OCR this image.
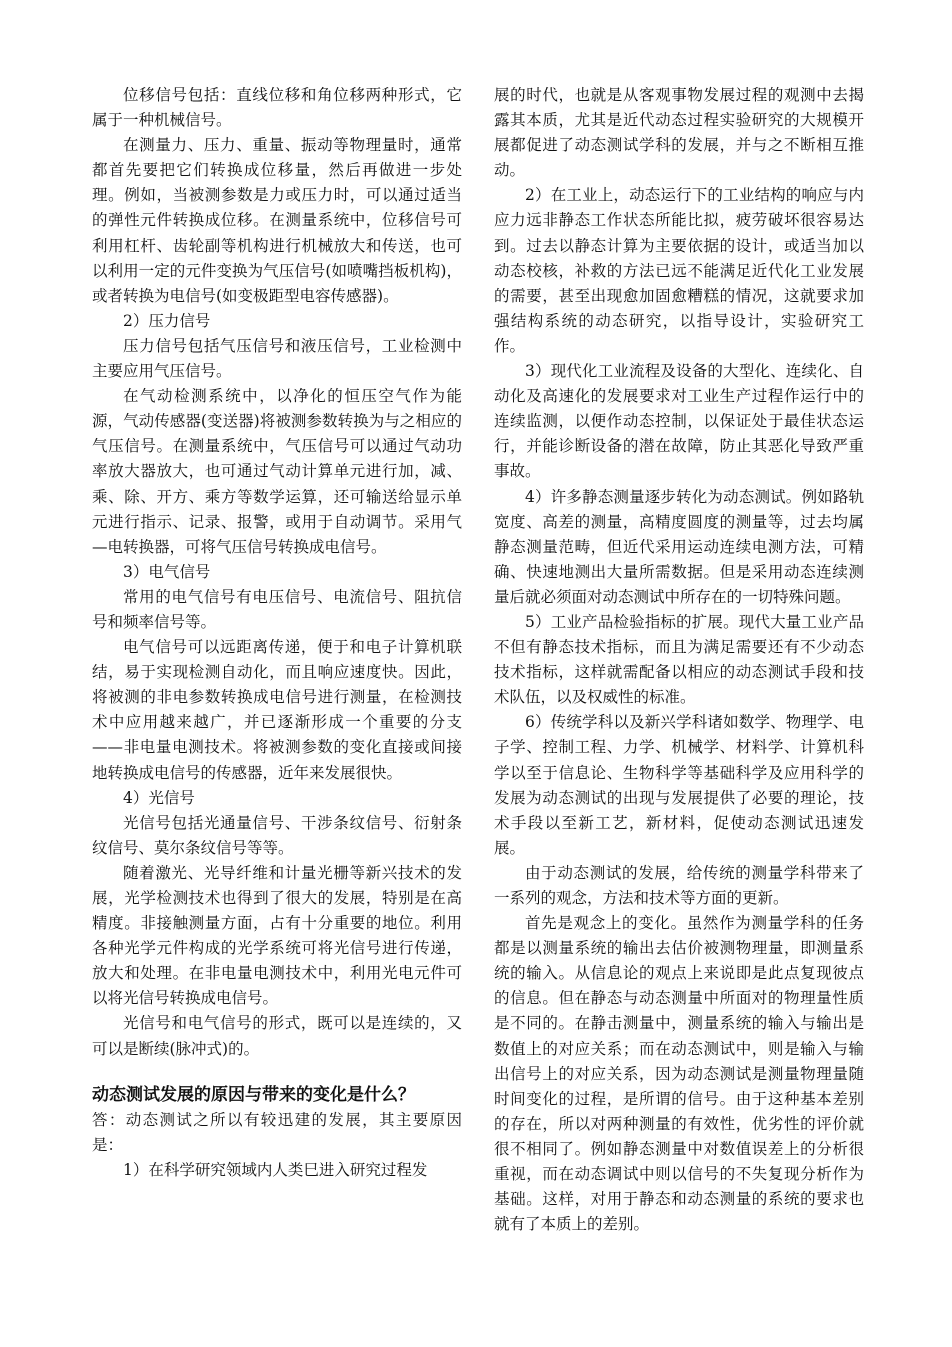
位移信号包括：直线位移和角位移两种形式，它属于一种机械信号。

在测量力、压力、重量、振动等物理量时，通常都首先要把它们转换成位移量，然后再做进一步处理。例如，当被测参数是力或压力时，可以通过适当的弹性元件转换成位移。在测量系统中，位移信号可利用杠杆、齿轮副等机构进行机械放大和传送，也可以利用一定的元件变换为气压信号(如喷嘴挡板机构)，或者转换为电信号(如变极距型电容传感器)。

2）压力信号

压力信号包括气压信号和液压信号，工业检测中主要应用气压信号。

在气动检测系统中，以净化的恒压空气作为能源，气动传感器(变送器)将被测参数转换为与之相应的气压信号。在测量系统中，气压信号可以通过气动功率放大器放大，也可通过气动计算单元进行加，减、乘、除、开方、乘方等数学运算，还可输送给显示单元进行指示、记录、报警，或用于自动调节。采用气—电转换器，可将气压信号转换成电信号。

3）电气信号

常用的电气信号有电压信号、电流信号、阻抗信号和频率信号等。

电气信号可以远距离传递，便于和电子计算机联结，易于实现检测自动化，而且响应速度快。因此，将被测的非电参数转换成电信号进行测量，在检测技术中应用越来越广，并已逐渐形成一个重要的分支——非电量电测技术。将被测参数的变化直接或间接地转换成电信号的传感器，近年来发展很快。

4）光信号

光信号包括光通量信号、干涉条纹信号、衍射条纹信号、莫尔条纹信号等等。

随着激光、光导纤维和计量光栅等新兴技术的发展，光学检测技术也得到了很大的发展，特别是在高精度。非接触测量方面，占有十分重要的地位。利用各种光学元件构成的光学系统可将光信号进行传递，放大和处理。在非电量电测技术中，利用光电元件可以将光信号转换成电信号。

光信号和电气信号的形式，既可以是连续的，又可以是断续(脉冲式)的。

动态测试发展的原因与带来的变化是什么？

答：动态测试之所以有较迅建的发展，其主要原因是：

1）在科学研究领域内人类巳进入研究过程发

展的时代，也就是从客观事物发展过程的观测中去揭露其本质，尤其是近代动态过程实验研究的大规模开展都促进了动态测试学科的发展，并与之不断相互推动。

2）在工业上，动态运行下的工业结构的响应与内应力远非静态工作状态所能比拟，疲劳破坏很容易达到。过去以静态计算为主要依据的设计，或适当加以动态校核，补救的方法已远不能满足近代化工业发展的需要，甚至出现愈加固愈糟糕的情况，这就要求加强结构系统的动态研究，以指导设计，实验研究工作。

3）现代化工业流程及设备的大型化、连续化、自动化及高速化的发展要求对工业生产过程作运行中的连续监测，以便作动态控制，以保证处于最佳状态运行，并能诊断设备的潜在故障，防止其恶化导致严重事故。

4）许多静态测量逐步转化为动态测试。例如路轨宽度、高差的测量，高精度圆度的测量等，过去均属静态测量范畴，但近代采用运动连续电测方法，可精确、快速地测出大量所需数据。但是采用动态连续测量后就必须面对动态测试中所存在的一切特殊问题。

5）工业产品检验指标的扩展。现代大量工业产品不但有静态技术指标，而且为满足需要还有不少动态技术指标，这样就需配备以相应的动态测试手段和技术队伍，以及权威性的标准。

6）传统学科以及新兴学科诸如数学、物理学、电子学、控制工程、力学、机械学、材料学、计算机科学以至于信息论、生物科学等基础科学及应用科学的发展为动态测试的出现与发展提供了必要的理论，技术手段以至新工艺，新材料，促使动态测试迅速发展。

由于动态测试的发展，给传统的测量学科带来了一系列的观念，方法和技术等方面的更新。

首先是观念上的变化。虽然作为测量学科的任务都是以测量系统的输出去估价被测物理量，即测量系统的输入。从信息论的观点上来说即是此点复现彼点的信息。但在静态与动态测量中所面对的物理量性质是不同的。在静击测量中，测量系统的输入与输出是数值上的对应关系；而在动态测试中，则是输入与输出信号上的对应关系，因为动态测试是测量物理量随时间变化的过程，是所谓的信号。由于这种基本差别的存在，所以对两种测量的有效性，优劣性的评价就很不相同了。例如静态测量中对数值误差上的分析很重视，而在动态调试中则以信号的不失复现分析作为基础。这样，对用于静态和动态测量的系统的要求也就有了本质上的差别。
